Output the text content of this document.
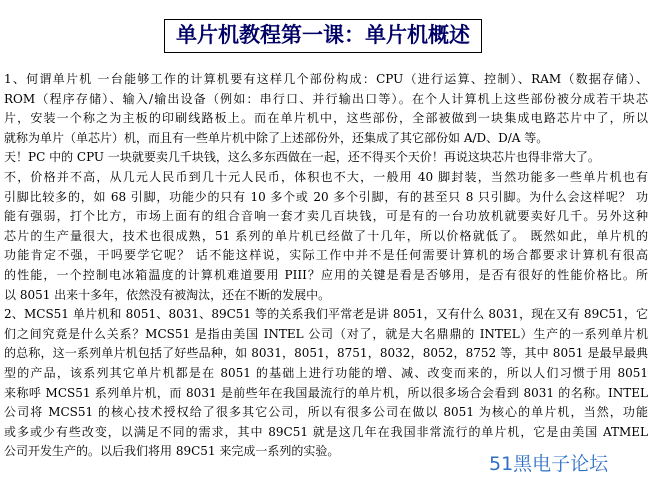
单片机教程第一课：单片机概述
1、何谓单片机 一台能够工作的计算机要有这样几个部份构成：CPU（进行运算、控制）、RAM（数据存储）、
ROM（程序存储）、输入/输出设备（例如：串行口、并行输出口等）。在个人计算机上这些部份被分成若干块芯
片，安装一个称之为主板的印刷线路板上。而在单片机中，这些部份，全部被做到一块集成电路芯片中了，所以
就称为单片（单芯片）机，而且有一些单片机中除了上述部份外，还集成了其它部份如 A/D、D/A 等。
天！PC 中的 CPU 一块就要卖几千块钱，这么多东西做在一起，还不得买个天价！再说这块芯片也得非常大了。
不，价格并不高，从几元人民币到几十元人民币，体积也不大，一般用 40 脚封装，当然功能多一些单片机也有
引脚比较多的，如 68 引脚，功能少的只有 10 多个或 20 多个引脚，有的甚至只 8 只引脚。为什么会这样呢？ 功
能有强弱，打个比方，市场上面有的组合音响一套才卖几百块钱，可是有的一台功放机就要卖好几千。另外这种
芯片的生产量很大，技术也很成熟，51 系列的单片机已经做了十几年，所以价格就低了。 既然如此，单片机的
功能肯定不强，干吗要学它呢？ 话不能这样说，实际工作中并不是任何需要计算机的场合都要求计算机有很高
的性能，一个控制电冰箱温度的计算机难道要用 PIII？应用的关键是看是否够用，是否有很好的性能价格比。所
以 8051 出来十多年，依然没有被淘汰，还在不断的发展中。
2、MCS51 单片机和 8051、8031、89C51 等的关系我们平常老是讲 8051，又有什么 8031，现在又有 89C51，它
们之间究竟是什么关系？MCS51 是指由美国 INTEL 公司（对了，就是大名鼎鼎的 INTEL）生产的一系列单片机
的总称，这一系列单片机包括了好些品种，如 8031，8051，8751，8032，8052，8752 等，其中 8051 是最早最典
型的产品，该系列其它单片机都是在 8051 的基础上进行功能的增、减、改变而来的，所以人们习惯于用 8051
来称呼 MCS51 系列单片机，而 8031 是前些年在我国最流行的单片机，所以很多场合会看到 8031 的名称。INTEL
公司将 MCS51 的核心技术授权给了很多其它公司，所以有很多公司在做以 8051 为核心的单片机，当然，功能
或多或少有些改变，以满足不同的需求，其中 89C51 就是这几年在我国非常流行的单片机，它是由美国 ATMEL
公司开发生产的。以后我们将用 89C51 来完成一系列的实验。
51黑电子论坛
